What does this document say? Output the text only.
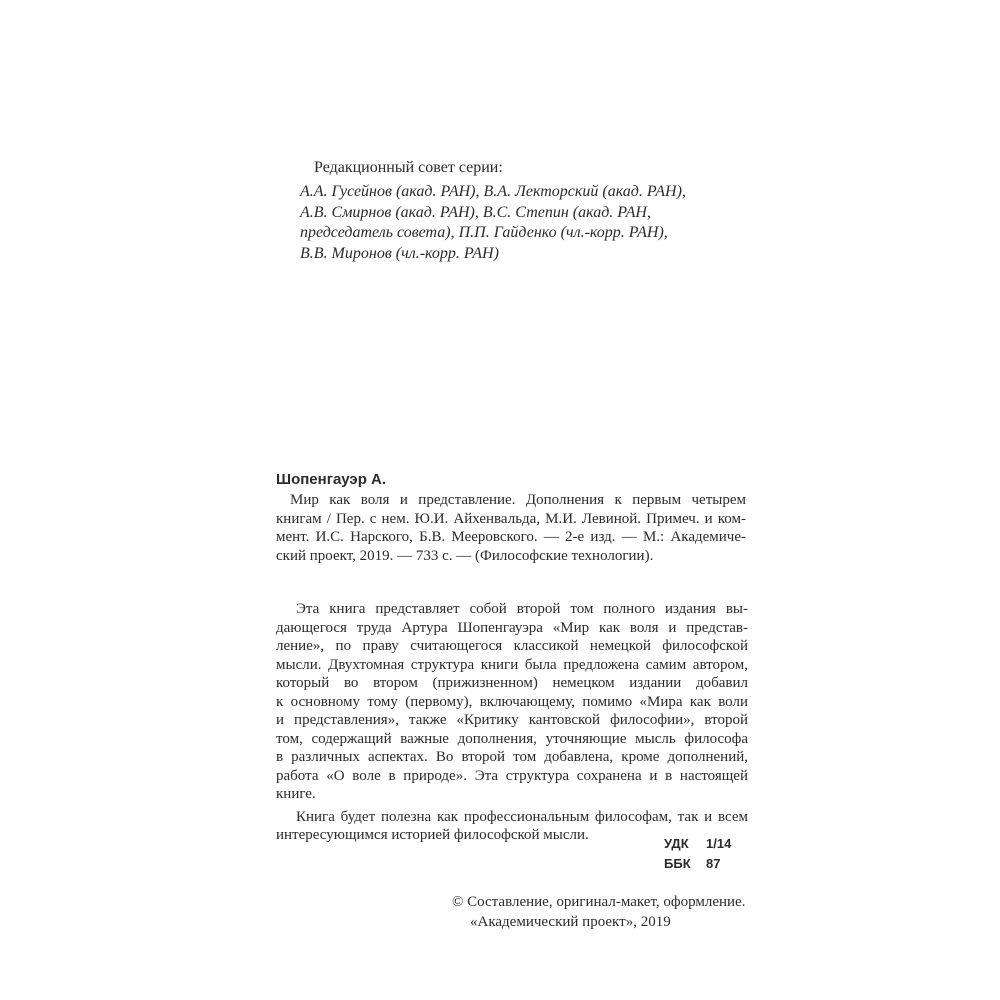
Редакционный совет серии:
А.А. Гусейнов (акад. РАН), В.А. Лекторский (акад. РАН),
А.В. Смирнов (акад. РАН), В.С. Степин (акад. РАН,
председатель совета), П.П. Гайденко (чл.-корр. РАН),
В.В. Миронов (чл.-корр. РАН)
Шопенгауэр А.
Мир как воля и представление. Дополнения к первым четырем
книгам / Пер. с нем. Ю.И. Айхенвальда, М.И. Левиной. Примеч. и ком-
мент. И.С. Нарского, Б.В. Мееровского. — 2-е изд. — М.: Академиче-
ский проект, 2019. — 733 с. — (Философские технологии).
Эта книга представляет собой второй том полного издания вы-
дающегося труда Артура Шопенгауэра «Мир как воля и представ-
ление», по праву считающегося классикой немецкой философской
мысли. Двухтомная структура книги была предложена самим автором,
который во втором (прижизненном) немецком издании добавил
к основному тому (первому), включающему, помимо «Мира как воли
и представления», также «Критику кантовской философии», второй
том, содержащий важные дополнения, уточняющие мысль философа
в различных аспектах. Во второй том добавлена, кроме дополнений,
работа «О воле в природе». Эта структура сохранена и в настоящей
книге.
Книга будет полезна как профессиональным философам, так и всем
интересующимся историей философской мысли.
УДК 1/14
ББК 87
© Составление, оригинал-макет, оформление.
«Академический проект», 2019
